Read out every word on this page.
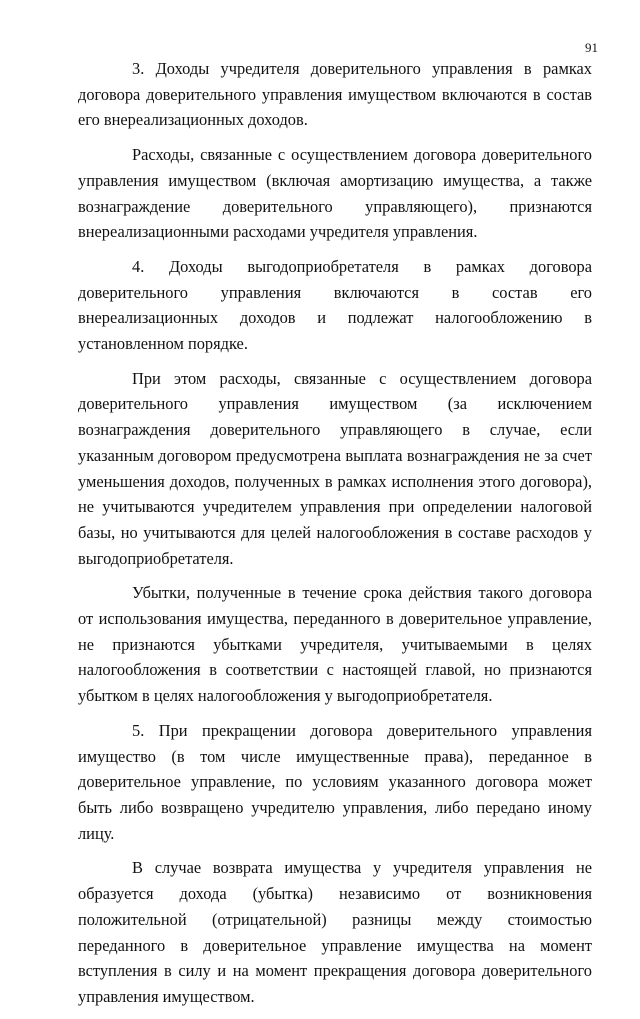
91

3. Доходы учредителя доверительного управления в рамках договора доверительного управления имуществом включаются в состав его внереализационных доходов.

Расходы, связанные с осуществлением договора доверительного управления имуществом (включая амортизацию имущества, а также вознаграждение доверительного управляющего), признаются внереализационными расходами учредителя управления.

4. Доходы выгодоприобретателя в рамках договора доверительного управления включаются в состав его внереализационных доходов и подлежат налогообложению в установленном порядке.

При этом расходы, связанные с осуществлением договора доверительного управления имуществом (за исключением вознаграждения доверительного управляющего в случае, если указанным договором предусмотрена выплата вознаграждения не за счет уменьшения доходов, полученных в рамках исполнения этого договора), не учитываются учредителем управления при определении налоговой базы, но учитываются для целей налогообложения в составе расходов у выгодоприобретателя.

Убытки, полученные в течение срока действия такого договора от использования имущества, переданного в доверительное управление, не признаются убытками учредителя, учитываемыми в целях налогообложения в соответствии с настоящей главой, но признаются убытком в целях налогообложения у выгодоприобретателя.

5. При прекращении договора доверительного управления имущество (в том числе имущественные права), переданное в доверительное управление, по условиям указанного договора может быть либо возвращено учредителю управления, либо передано иному лицу.

В случае возврата имущества у учредителя управления не образуется дохода (убытка) независимо от возникновения положительной (отрицательной) разницы между стоимостью переданного в доверительное управление имущества на момент вступления в силу и на момент прекращения договора доверительного управления имуществом.
